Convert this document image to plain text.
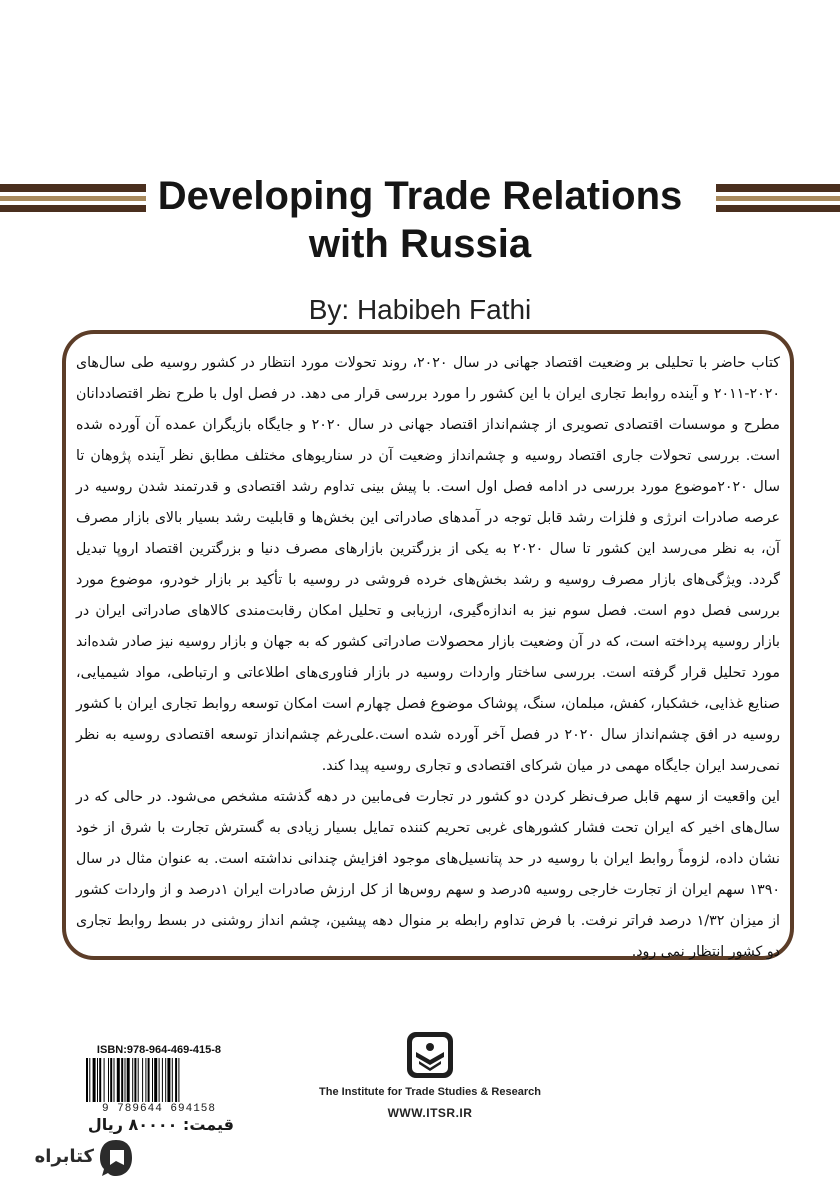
Developing Trade Relations
with Russia
By: Habibeh Fathi

کتاب حاضر با تحلیلی بر وضعیت اقتصاد جهانی در سال ۲۰۲۰، روند تحولات مورد انتظار در کشور روسیه طی سال‌های ۲۰۲۰-۲۰۱۱ و آینده روابط تجاری ایران با این کشور را مورد بررسی قرار می دهد. در فصل اول با طرح نظر اقتصاددانان مطرح و موسسات اقتصادی تصویری از چشم‌انداز اقتصاد جهانی در سال ۲۰۲۰ و جایگاه بازیگران عمده آن آورده شده است. بررسی تحولات جاری اقتصاد روسیه و چشم‌انداز وضعیت آن در سناریوهای مختلف مطابق نظر آینده پژوهان تا سال ۲۰۲۰موضوع مورد بررسی در ادامه فصل اول است. با پیش بینی تداوم رشد اقتصادی و قدرتمند شدن روسیه در عرصه صادرات انرژی و فلزات رشد قابل توجه در آمدهای صادراتی این بخش‌ها و قابلیت رشد بسیار بالای بازار مصرف آن، به نظر می‌رسد این کشور تا سال ۲۰۲۰ به یکی از بزرگترین بازارهای مصرف دنیا و بزرگترین اقتصاد اروپا تبدیل گردد. ویژگی‌های بازار مصرف روسیه و رشد بخش‌های خرده فروشی در روسیه با تأکید بر بازار خودرو، موضوع مورد بررسی فصل دوم است. فصل سوم نیز به اندازه‌گیری، ارزیابی و تحلیل امکان رقابت‌مندی کالاهای صادراتی ایران در بازار روسیه پرداخته است، که در آن وضعیت بازار محصولات صادراتی کشور که به جهان و بازار روسیه نیز صادر شده‌اند مورد تحلیل قرار گرفته است. بررسی ساختار واردات روسیه در بازار فناوری‌های اطلاعاتی و ارتباطی، مواد شیمیایی، صنایع غذایی، خشکبار، کفش، مبلمان، سنگ، پوشاک موضوع فصل چهارم است امکان توسعه روابط تجاری ایران با کشور روسیه در افق چشم‌انداز سال ۲۰۲۰ در فصل آخر آورده شده است.علی‌رغم چشم‌انداز توسعه اقتصادی روسیه به نظر نمی‌رسد ایران جایگاه مهمی در میان شرکای اقتصادی و تجاری روسیه پیدا کند.

این واقعیت از سهم قابل صرف‌نظر کردن دو کشور در تجارت فی‌مابین در دهه گذشته مشخص می‌شود. در حالی که در سال‌های اخیر که ایران تحت فشار کشورهای غربی تحریم کننده تمایل بسیار زیادی به گسترش تجارت با شرق از خود نشان داده، لزوماً روابط ایران با روسیه در حد پتانسیل‌های موجود افزایش چندانی نداشته است. به عنوان مثال در سال ۱۳۹۰ سهم ایران از تجارت خارجی روسیه ۵درصد و سهم روس‌ها از کل ارزش صادرات ایران ۱درصد و از واردات کشور از میزان ۱/۳۲ درصد فراتر نرفت. با فرض تداوم رابطه بر منوال دهه پیشین، چشم انداز روشنی در بسط روابط تجاری دو کشور انتظار نمی رود.

ISBN:978-964-469-415-8
9 789644 694158
قیمت: ۸۰۰۰۰ ریال
The Institute for Trade Studies & Research
WWW.ITSR.IR
کتابراه
